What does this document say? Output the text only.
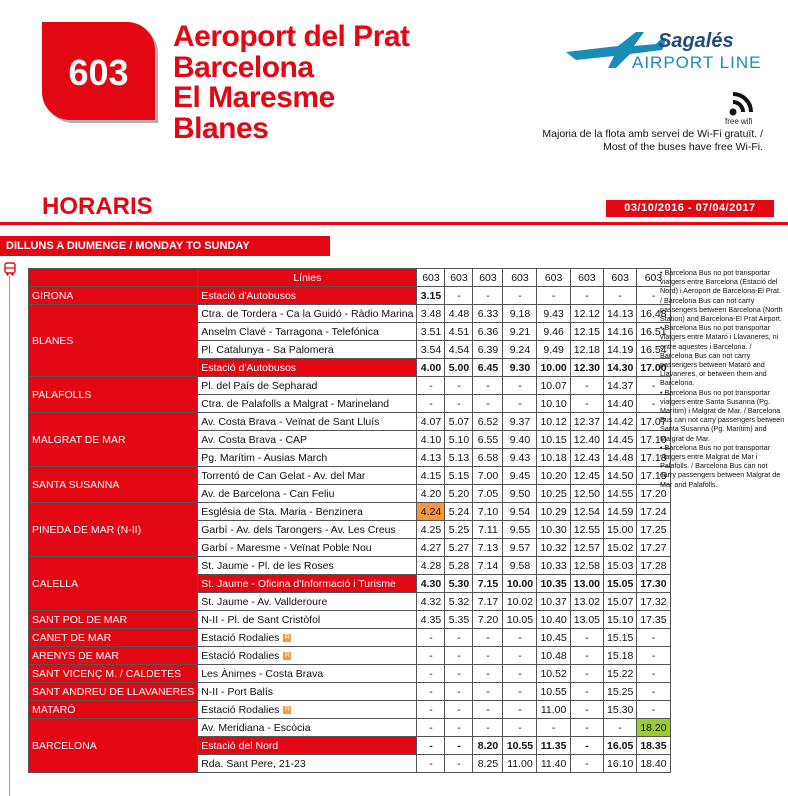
603
Aeroport del Prat
Barcelona
El Maresme
Blanes
Sagalés
AIRPORT LINE
free wifi
Majoria de la flota amb servei de Wi-Fi gratuït. /
Most of the buses have free Wi-Fi.
HORARIS	03/10/2016 - 07/04/2017
DILLUNS A DIUMENGE / MONDAY TO SUNDAY
	Línies	603	603	603	603	603	603	603	603
GIRONA	Estació d'Autobusos	3.15	-	-	-	-	-	-	-
BLANES	Ctra. de Tordera - Ca la Guidó - Ràdio Marina	3.48	4.48	6.33	9.18	9.43	12.12	14.13	16.48
	Anselm Clavé - Tarragona - Telefónica	3.51	4.51	6.36	9.21	9.46	12.15	14.16	16.51
	Pl. Catalunya - Sa Palomera	3.54	4.54	6.39	9.24	9.49	12.18	14.19	16.54
	Estació d'Autobusos	4.00	5.00	6.45	9.30	10.00	12.30	14.30	17.00
PALAFOLLS	Pl. del País de Sepharad	-	-	-	-	10.07	-	14.37	-
	Ctra. de Palafolls a Malgrat - Marineland	-	-	-	-	10.10	-	14.40	-
MALGRAT DE MAR	Av. Costa Brava - Veïnat de Sant Lluís	4.07	5.07	6.52	9.37	10.12	12.37	14.42	17.07
	Av. Costa Brava - CAP	4.10	5.10	6.55	9.40	10.15	12.40	14.45	17.10
	Pg. Marítim - Ausias March	4.13	5.13	6.58	9.43	10.18	12.43	14.48	17.13
SANTA SUSANNA	Torrentó de Can Gelat - Av. del Mar	4.15	5.15	7.00	9.45	10.20	12.45	14.50	17.15
	Av. de Barcelona - Can Feliu	4.20	5.20	7.05	9.50	10.25	12.50	14.55	17.20
PINEDA DE MAR (N-II)	Església de Sta. Maria - Benzinera	4.24	5.24	7.10	9.54	10.29	12.54	14.59	17.24
	Garbí - Av. dels Tarongers - Av. Les Creus	4.25	5.25	7.11	9.55	10.30	12.55	15.00	17.25
	Garbí - Maresme - Veïnat Poble Nou	4.27	5.27	7.13	9.57	10.32	12.57	15.02	17.27
CALELLA	St. Jaume - Pl. de les Roses	4.28	5.28	7.14	9.58	10.33	12.58	15.03	17.28
	St. Jaume - Oficina d'Informació i Turisme	4.30	5.30	7.15	10.00	10.35	13.00	15.05	17.30
	St. Jaume - Av. Vallderoure	4.32	5.32	7.17	10.02	10.37	13.02	15.07	17.32
SANT POL DE MAR	N-II - Pl. de Sant Cristòfol	4.35	5.35	7.20	10.05	10.40	13.05	15.10	17.35
CANET DE MAR	Estació Rodalies R	-	-	-	-	10.45	-	15.15	-
ARENYS DE MAR	Estació Rodalies R	-	-	-	-	10.48	-	15.18	-
SANT VICENÇ M. / CALDETES	Les Ànimes - Costa Brava	-	-	-	-	10.52	-	15.22	-
SANT ANDREU DE LLAVANERES	N-II - Port Balís	-	-	-	-	10.55	-	15.25	-
MATARÓ	Estació Rodalies R	-	-	-	-	11.00	-	15.30	-
BARCELONA	Av. Meridiana - Escòcia	-	-	-	-	-	-	-	18.20
	Estació del Nord	-	-	8.20	10.55	11.35	-	16.05	18.35
	Rda. Sant Pere, 21-23	-	-	8.25	11.00	11.40	-	16.10	18.40

• Barcelona Bus no pot transportar viatgers entre Barcelona (Estació del Nord) i Aeroport de Barcelona-El Prat. / Barcelona Bus can not carry passengers between Barcelona (North Station) and Barcelona-El Prat Airport.

• Barcelona Bus no pot transportar viatgers entre Mataró i Llavaneres, ni entre aquestes i Barcelona. / Barcelona Bus can not carry passengers between Mataró and Llavaneres, or between them and Barcelona.

• Barcelona Bus no pot transportar viatgers entre Santa Susanna (Pg. Marítim) i Malgrat de Mar. / Barcelona Bus can not carry passengers between Santa Susanna (Pg. Marítim) and Malgrat de Mar.

• Barcelona Bus no pot transportar viatgers entre Malgrat de Mar i Palafolls. / Barcelona Bus can not carry passengers between Malgrat de Mar and Palafolls.
